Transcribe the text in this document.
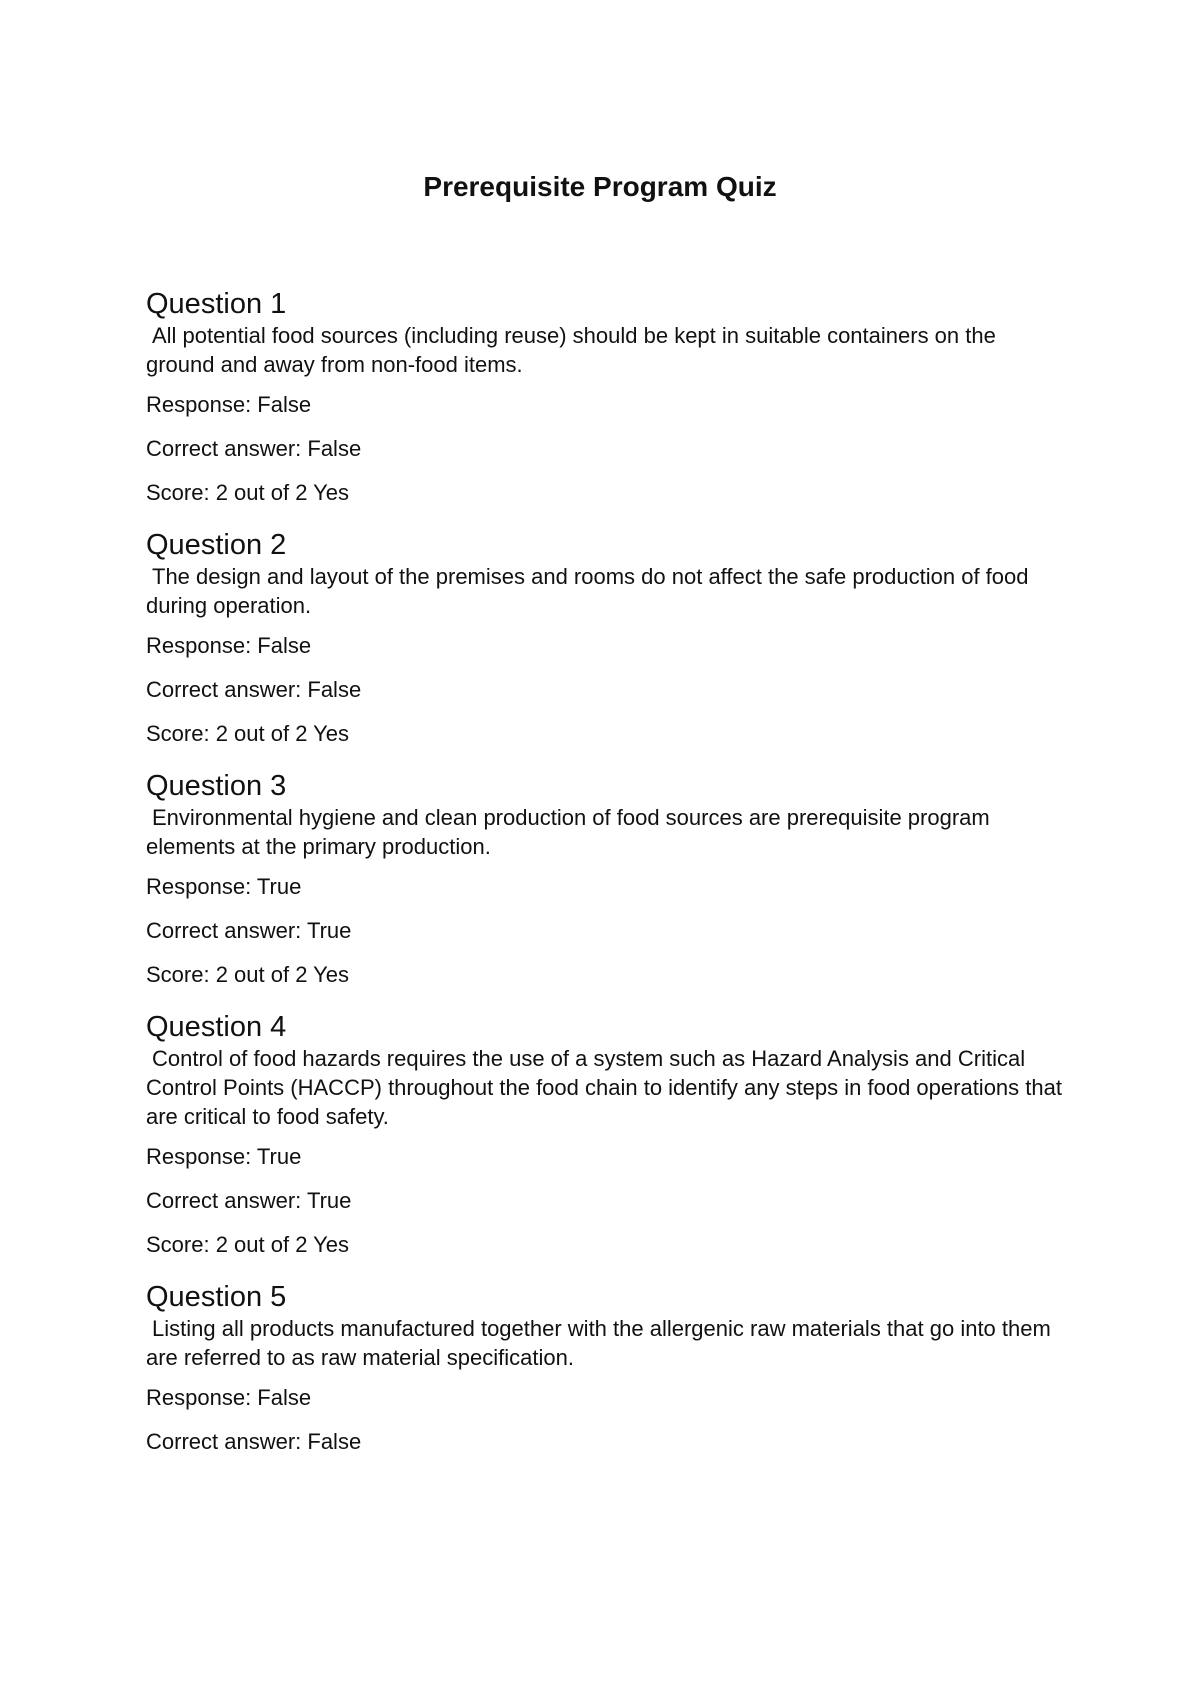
Prerequisite Program Quiz
Question 1

All potential food sources (including reuse) should be kept in suitable containers on the ground and away from non-food items.

Response: False

Correct answer: False

Score: 2 out of 2 Yes

Question 2

The design and layout of the premises and rooms do not affect the safe production of food during operation.

Response: False

Correct answer: False

Score: 2 out of 2 Yes

Question 3

Environmental hygiene and clean production of food sources are prerequisite program elements at the primary production.

Response: True

Correct answer: True

Score: 2 out of 2 Yes

Question 4

Control of food hazards requires the use of a system such as Hazard Analysis and Critical Control Points (HACCP) throughout the food chain to identify any steps in food operations that are critical to food safety.

Response: True

Correct answer: True

Score: 2 out of 2 Yes

Question 5

Listing all products manufactured together with the allergenic raw materials that go into them are referred to as raw material specification.

Response: False

Correct answer: False
